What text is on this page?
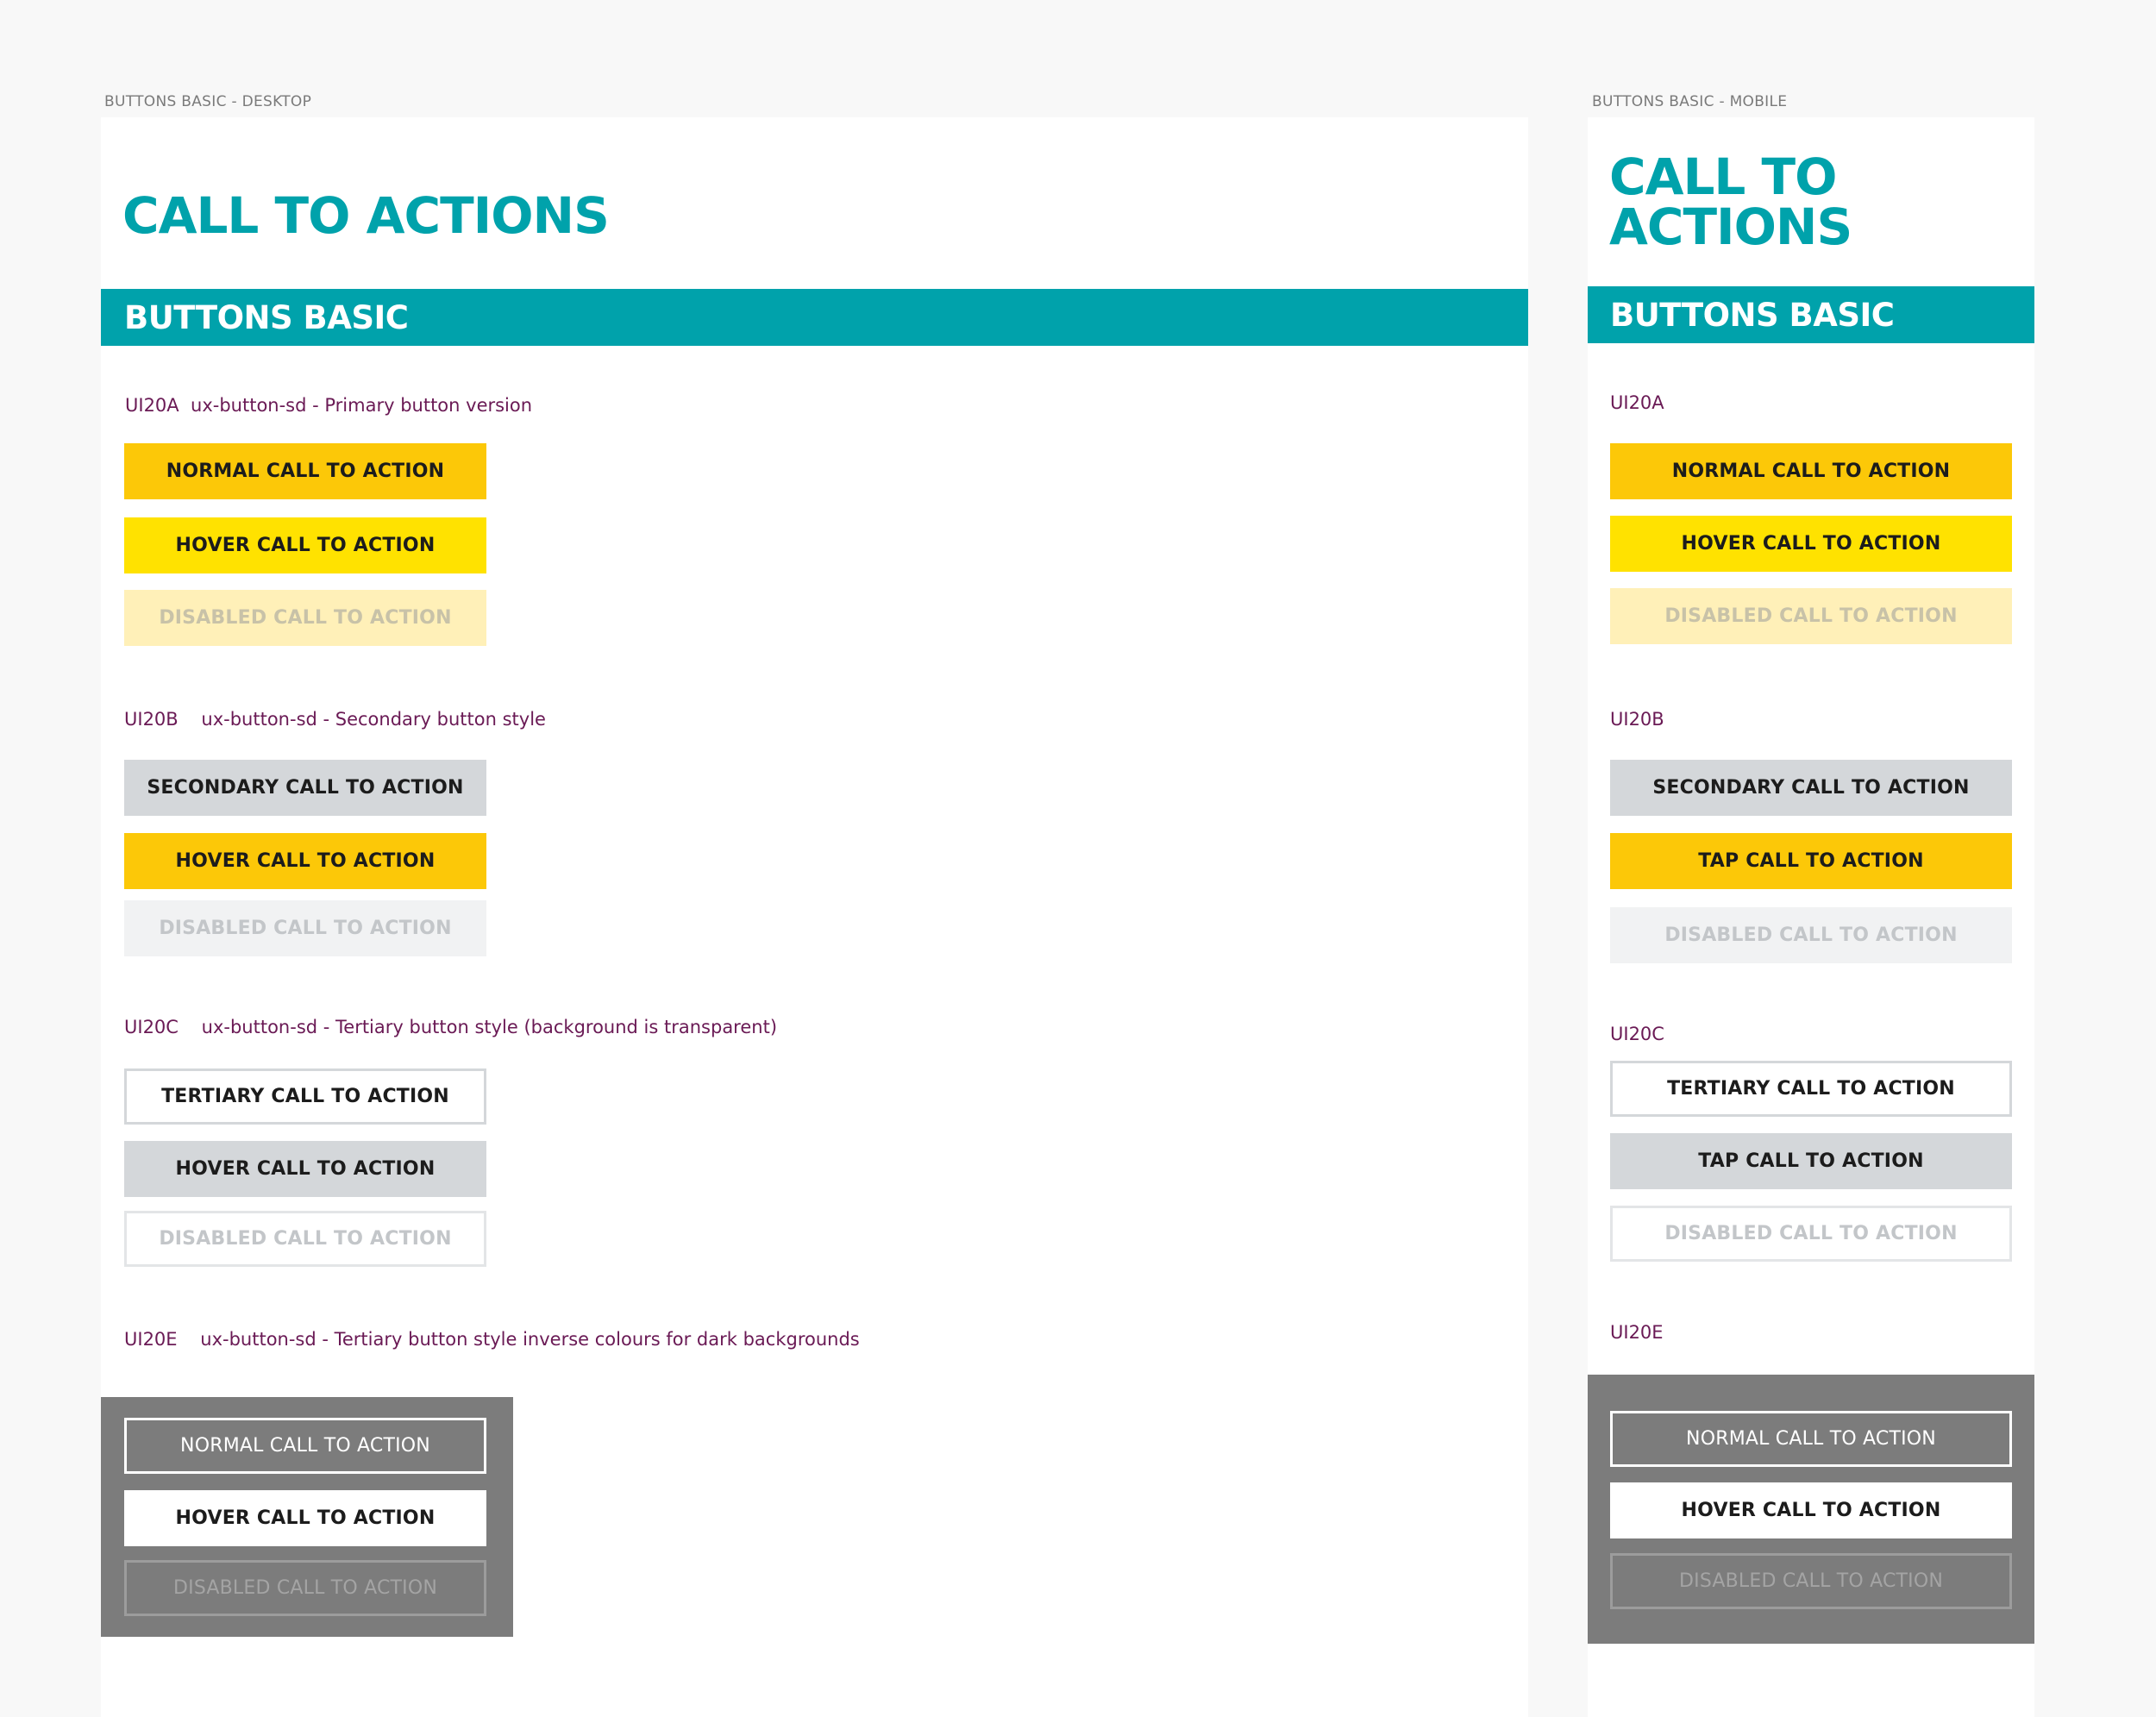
BUTTONS BASIC - DESKTOP
CALL TO ACTIONS
BUTTONS BASIC
UI20A ux-button-sd - Primary button version
NORMAL CALL TO ACTION
HOVER CALL TO ACTION
DISABLED CALL TO ACTION
UI20B ux-button-sd - Secondary button style
SECONDARY CALL TO ACTION
HOVER CALL TO ACTION
DISABLED CALL TO ACTION
UI20C ux-button-sd - Tertiary button style (background is transparent)
TERTIARY CALL TO ACTION
HOVER CALL TO ACTION
DISABLED CALL TO ACTION
UI20E ux-button-sd - Tertiary button style inverse colours for dark backgrounds
NORMAL CALL TO ACTION
HOVER CALL TO ACTION
DISABLED CALL TO ACTION
BUTTONS BASIC - MOBILE
CALL TO
ACTIONS
BUTTONS BASIC
UI20A
NORMAL CALL TO ACTION
HOVER CALL TO ACTION
DISABLED CALL TO ACTION
UI20B
SECONDARY CALL TO ACTION
TAP CALL TO ACTION
DISABLED CALL TO ACTION
UI20C
TERTIARY CALL TO ACTION
TAP CALL TO ACTION
DISABLED CALL TO ACTION
UI20E
NORMAL CALL TO ACTION
HOVER CALL TO ACTION
DISABLED CALL TO ACTION
